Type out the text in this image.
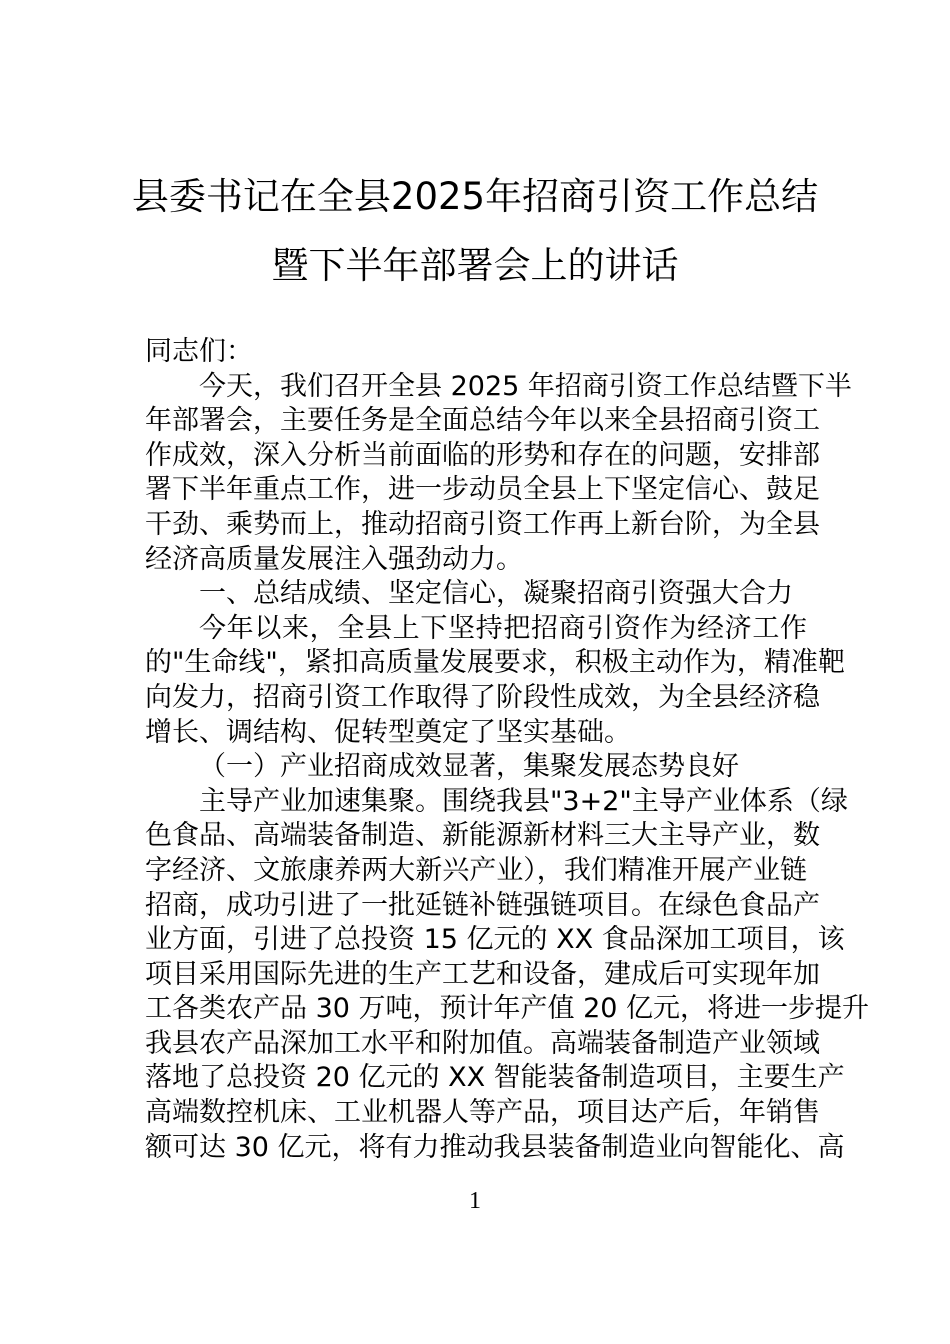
县委书记在全县2025年招商引资工作总结
暨下半年部署会上的讲话
同志们：
今天，我们召开全县 2025 年招商引资工作总结暨下半
年部署会，主要任务是全面总结今年以来全县招商引资工
作成效，深入分析当前面临的形势和存在的问题，安排部
署下半年重点工作，进一步动员全县上下坚定信心、鼓足
干劲、乘势而上，推动招商引资工作再上新台阶，为全县
经济高质量发展注入强劲动力。
一、总结成绩、坚定信心，凝聚招商引资强大合力
今年以来，全县上下坚持把招商引资作为经济工作
的"生命线"，紧扣高质量发展要求，积极主动作为，精准靶
向发力，招商引资工作取得了阶段性成效，为全县经济稳
增长、调结构、促转型奠定了坚实基础。
（一）产业招商成效显著，集聚发展态势良好
主导产业加速集聚。围绕我县"3+2"主导产业体系（绿
色食品、高端装备制造、新能源新材料三大主导产业，数
字经济、文旅康养两大新兴产业），我们精准开展产业链
招商，成功引进了一批延链补链强链项目。在绿色食品产
业方面，引进了总投资 15 亿元的 XX 食品深加工项目，该
项目采用国际先进的生产工艺和设备，建成后可实现年加
工各类农产品 30 万吨，预计年产值 20 亿元，将进一步提升
我县农产品深加工水平和附加值。高端装备制造产业领域
落地了总投资 20 亿元的 XX 智能装备制造项目，主要生产
高端数控机床、工业机器人等产品，项目达产后，年销售
额可达 30 亿元，将有力推动我县装备制造业向智能化、高
1
